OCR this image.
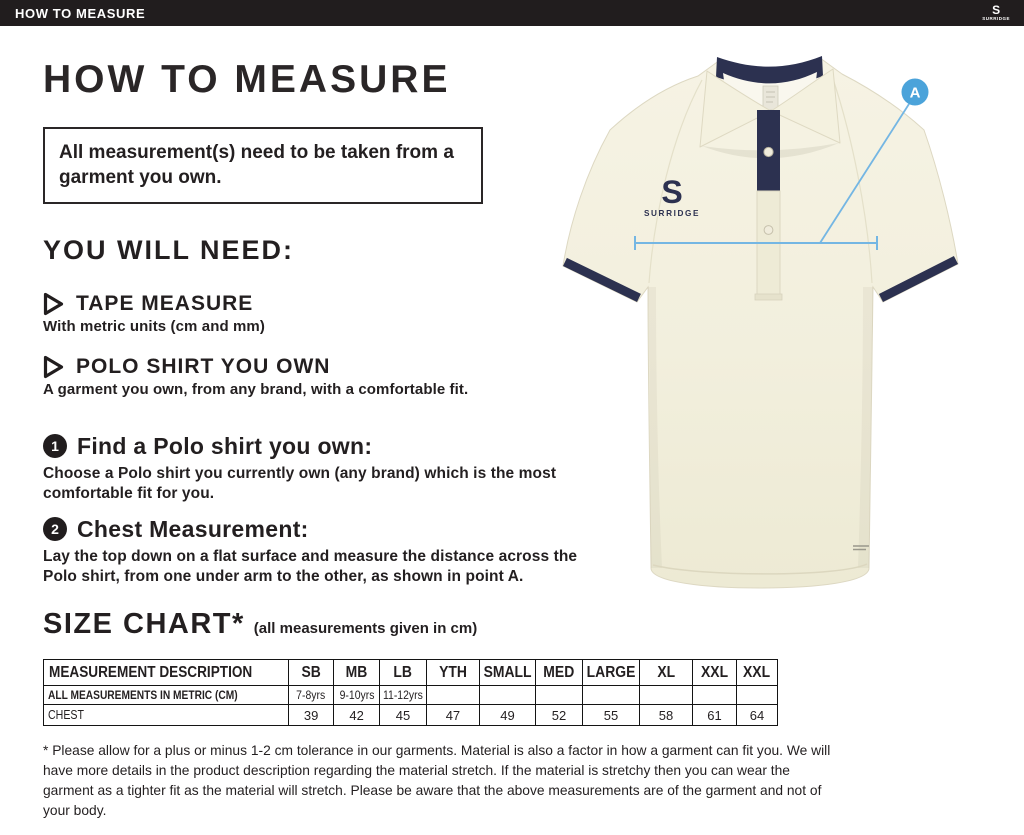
HOW TO MEASURE	S
SURRIDGE
HOW TO MEASURE
All measurement(s) need to be taken from a garment you own.
YOU WILL NEED:
TAPE MEASURE
With metric units (cm and mm)
POLO SHIRT YOU OWN
A garment you own, from any brand, with a comfortable fit.
1 Find a Polo shirt you own:
Choose a Polo shirt you currently own (any brand) which is the most comfortable fit for you.
2 Chest Measurement:
Lay the top down on a flat surface and measure the distance across the Polo shirt, from one under arm to the other, as shown in point A.
SIZE CHART* (all measurements given in cm)
MEASUREMENT DESCRIPTION	SB	MB	LB	YTH	SMALL	MED	LARGE	XL	XXL	XXL
ALL MEASUREMENTS IN METRIC (CM)	7-8yrs	9-10yrs	11-12yrs							
CHEST	39	42	45	47	49	52	55	58	61	64
* Please allow for a plus or minus 1-2 cm tolerance in our garments. Material is also a factor in how a garment can fit you. We will have more details in the product description regarding the material stretch. If the material is stretchy then you can wear the garment as a tighter fit as the material will stretch. Please be aware that the above measurements are of the garment and not of your body.
S
SURRIDGE
A
